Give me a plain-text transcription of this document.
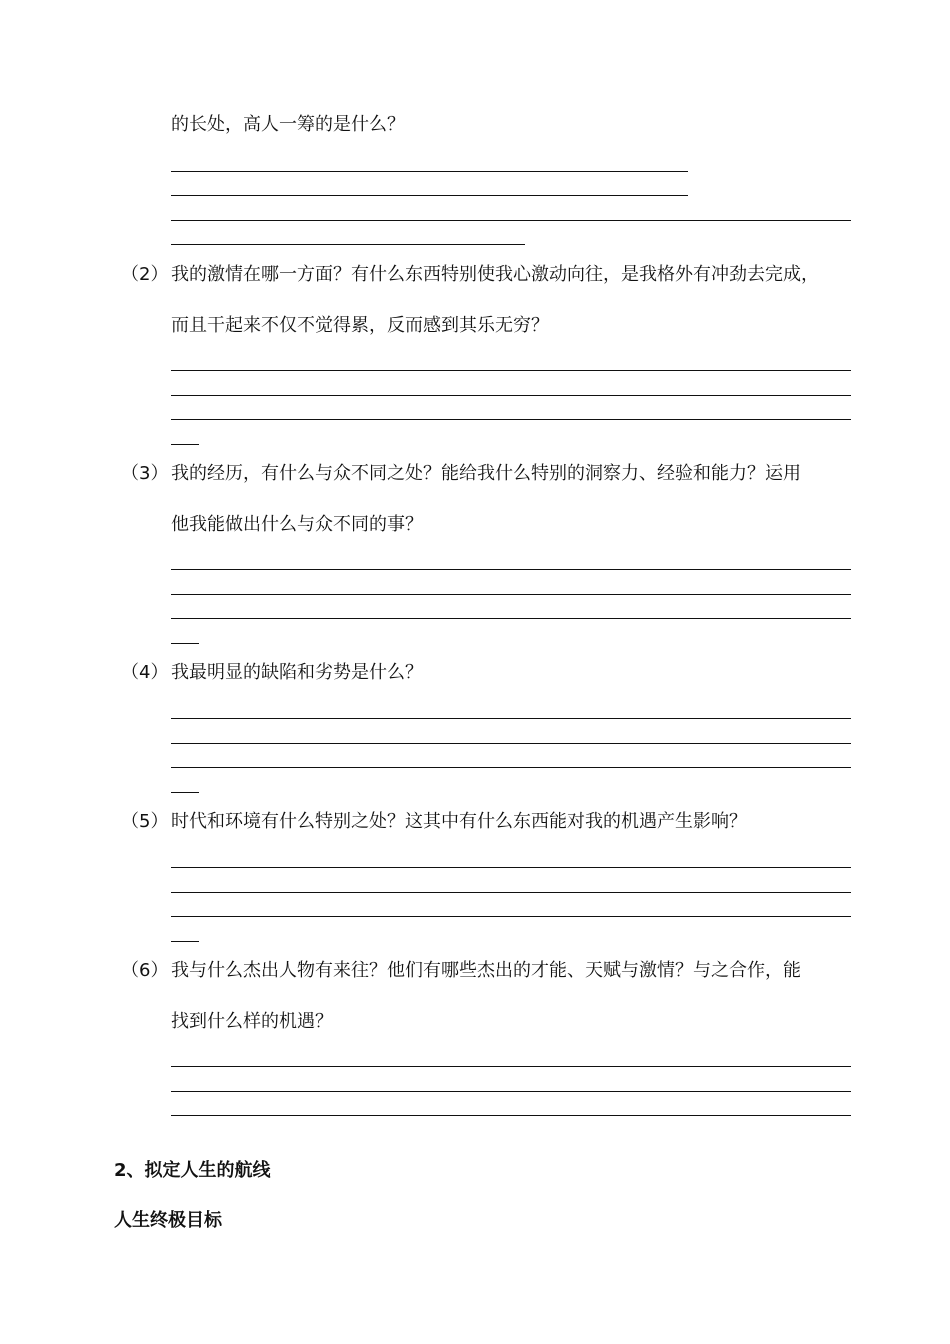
的长处，高人一筹的是什么？
（2） 我的激情在哪一方面？有什么东西特别使我心激动向往，是我格外有冲劲去完成，
而且干起来不仅不觉得累，反而感到其乐无穷？
（3） 我的经历，有什么与众不同之处？能给我什么特别的洞察力、经验和能力？运用
他我能做出什么与众不同的事？
（4） 我最明显的缺陷和劣势是什么？
（5） 时代和环境有什么特别之处？这其中有什么东西能对我的机遇产生影响？
（6） 我与什么杰出人物有来往？他们有哪些杰出的才能、天赋与激情？与之合作，能
找到什么样的机遇？
2、拟定人生的航线
人生终极目标
